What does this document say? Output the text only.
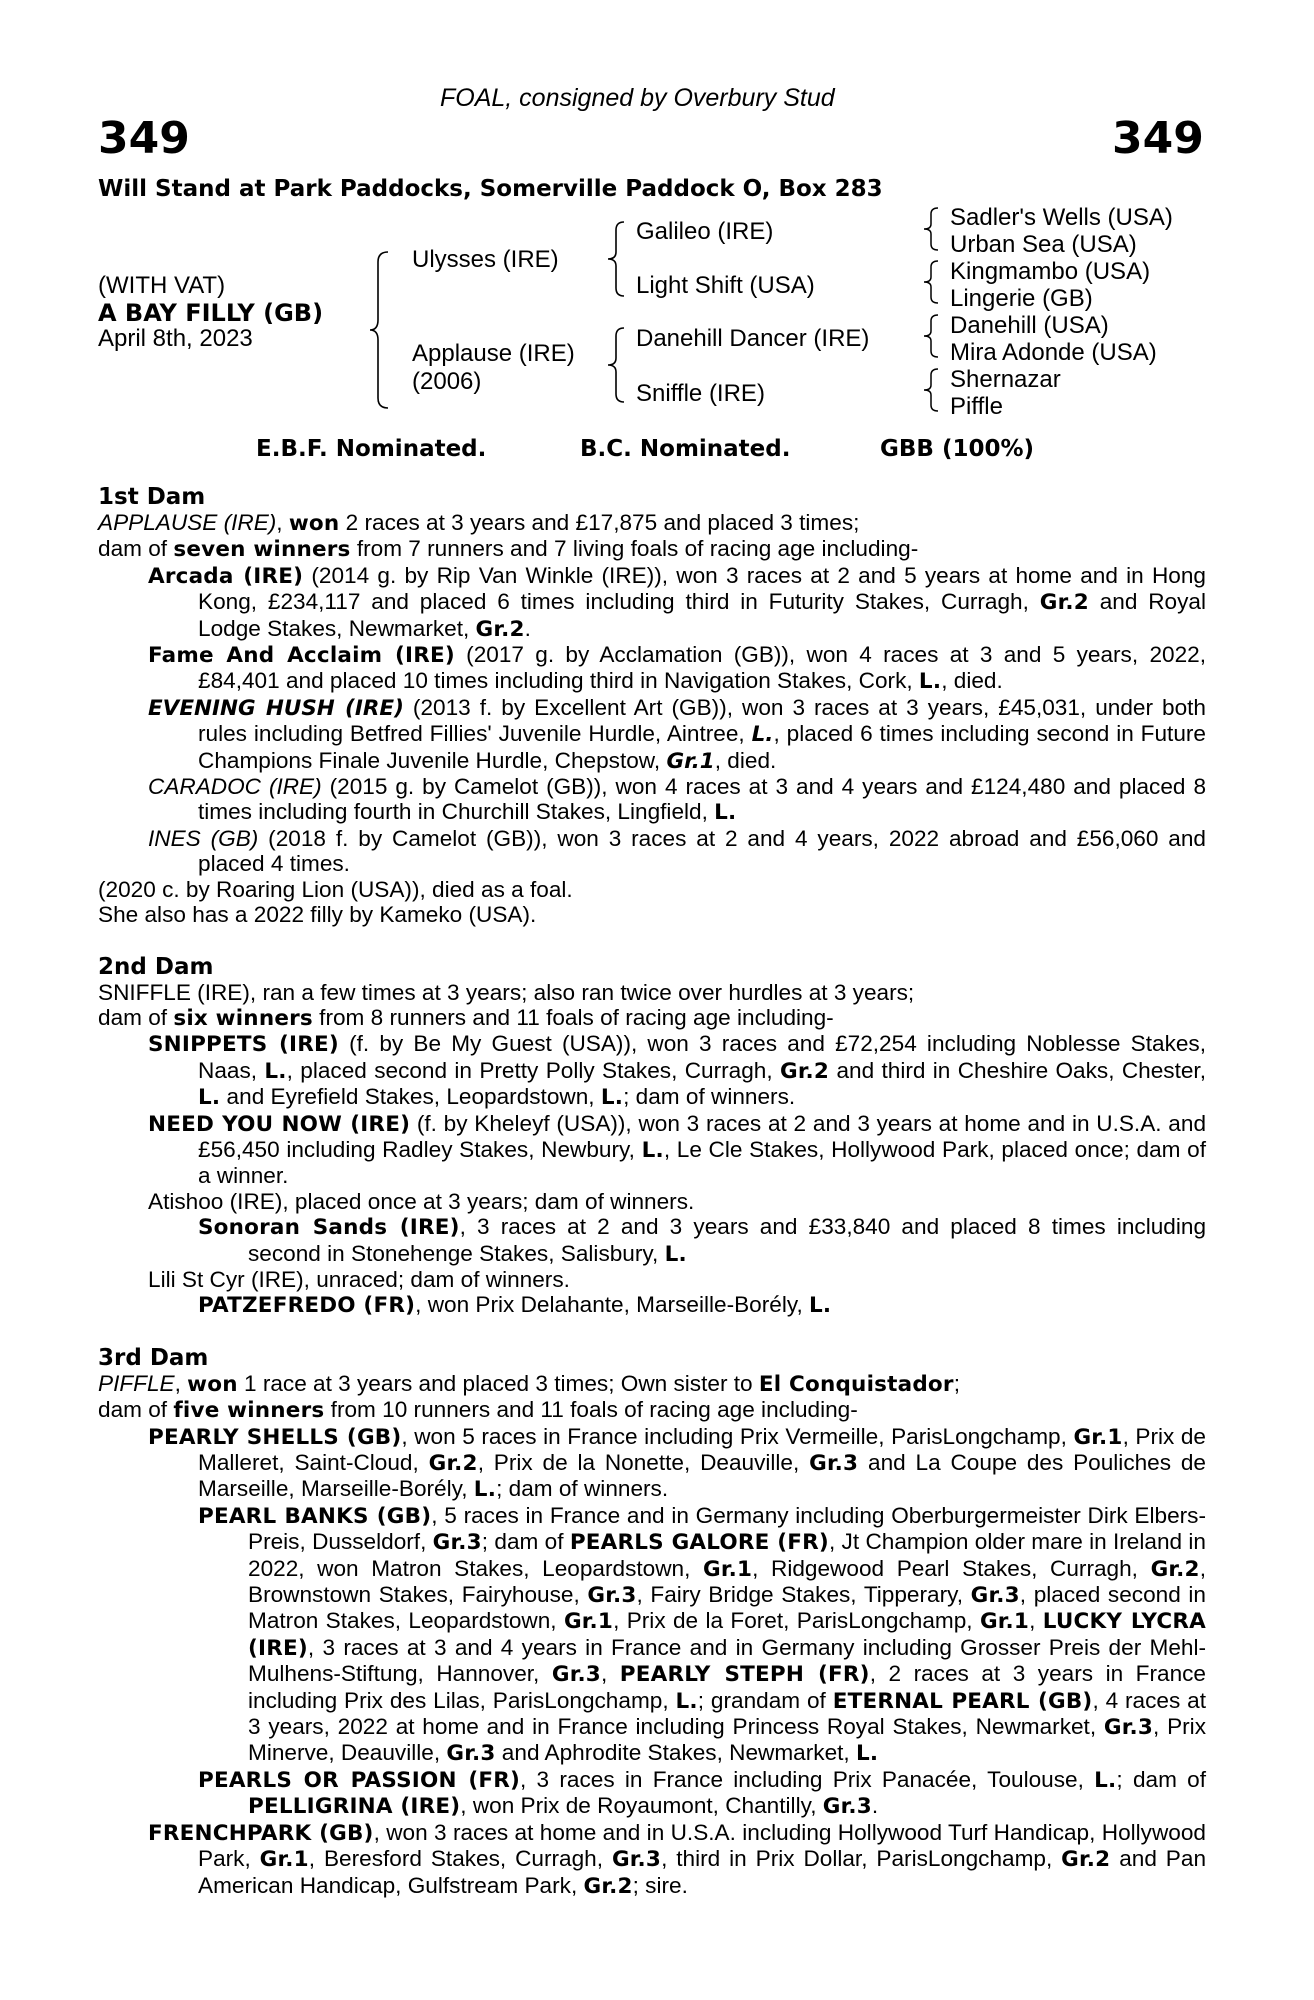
FOAL, consigned by Overbury Stud
349	349
Will Stand at Park Paddocks, Somerville Paddock O, Box 283
(WITH VAT)
A BAY FILLY (GB)
April 8th, 2023
Ulysses (IRE)
Applause (IRE)
(2006)
Galileo (IRE)
Light Shift (USA)
Danehill Dancer (IRE)
Sniffle (IRE)
Sadler's Wells (USA)
Urban Sea (USA)
Kingmambo (USA)
Lingerie (GB)
Danehill (USA)
Mira Adonde (USA)
Shernazar
Piffle
E.B.F. Nominated.	B.C. Nominated.	GBB (100%)
1st Dam

APPLAUSE (IRE), won 2 races at 3 years and £17,875 and placed 3 times;

dam of seven winners from 7 runners and 7 living foals of racing age including-

Arcada (IRE) (2014 g. by Rip Van Winkle (IRE)), won 3 races at 2 and 5 years at home and in Hong Kong, £234,117 and placed 6 times including third in Futurity Stakes, Curragh, Gr.2 and Royal Lodge Stakes, Newmarket, Gr.2.

Fame And Acclaim (IRE) (2017 g. by Acclamation (GB)), won 4 races at 3 and 5 years, 2022, £84,401 and placed 10 times including third in Navigation Stakes, Cork, L., died.

EVENING HUSH (IRE) (2013 f. by Excellent Art (GB)), won 3 races at 3 years, £45,031, under both rules including Betfred Fillies' Juvenile Hurdle, Aintree, L., placed 6 times including second in Future Champions Finale Juvenile Hurdle, Chepstow, Gr.1, died.

CARADOC (IRE) (2015 g. by Camelot (GB)), won 4 races at 3 and 4 years and £124,480 and placed 8 times including fourth in Churchill Stakes, Lingfield, L.

INES (GB) (2018 f. by Camelot (GB)), won 3 races at 2 and 4 years, 2022 abroad and £56,060 and placed 4 times.

(2020 c. by Roaring Lion (USA)), died as a foal.

She also has a 2022 filly by Kameko (USA).

2nd Dam

SNIFFLE (IRE), ran a few times at 3 years; also ran twice over hurdles at 3 years;

dam of six winners from 8 runners and 11 foals of racing age including-

SNIPPETS (IRE) (f. by Be My Guest (USA)), won 3 races and £72,254 including Noblesse Stakes, Naas, L., placed second in Pretty Polly Stakes, Curragh, Gr.2 and third in Cheshire Oaks, Chester, L. and Eyrefield Stakes, Leopardstown, L.; dam of winners.

NEED YOU NOW (IRE) (f. by Kheleyf (USA)), won 3 races at 2 and 3 years at home and in U.S.A. and £56,450 including Radley Stakes, Newbury, L., Le Cle Stakes, Hollywood Park, placed once; dam of a winner.

Atishoo (IRE), placed once at 3 years; dam of winners.

Sonoran Sands (IRE), 3 races at 2 and 3 years and £33,840 and placed 8 times including second in Stonehenge Stakes, Salisbury, L.

Lili St Cyr (IRE), unraced; dam of winners.

PATZEFREDO (FR), won Prix Delahante, Marseille-Borély, L.

3rd Dam

PIFFLE, won 1 race at 3 years and placed 3 times; Own sister to El Conquistador;

dam of five winners from 10 runners and 11 foals of racing age including-

PEARLY SHELLS (GB), won 5 races in France including Prix Vermeille, ParisLongchamp, Gr.1, Prix de Malleret, Saint-Cloud, Gr.2, Prix de la Nonette, Deauville, Gr.3 and La Coupe des Pouliches de Marseille, Marseille-Borély, L.; dam of winners.

PEARL BANKS (GB), 5 races in France and in Germany including Oberburgermeister Dirk Elbers-Preis, Dusseldorf, Gr.3; dam of PEARLS GALORE (FR), Jt Champion older mare in Ireland in 2022, won Matron Stakes, Leopardstown, Gr.1, Ridgewood Pearl Stakes, Curragh, Gr.2, Brownstown Stakes, Fairyhouse, Gr.3, Fairy Bridge Stakes, Tipperary, Gr.3, placed second in Matron Stakes, Leopardstown, Gr.1, Prix de la Foret, ParisLongchamp, Gr.1, LUCKY LYCRA (IRE), 3 races at 3 and 4 years in France and in Germany including Grosser Preis der Mehl-Mulhens-Stiftung, Hannover, Gr.3, PEARLY STEPH (FR), 2 races at 3 years in France including Prix des Lilas, ParisLongchamp, L.; grandam of ETERNAL PEARL (GB), 4 races at 3 years, 2022 at home and in France including Princess Royal Stakes, Newmarket, Gr.3, Prix Minerve, Deauville, Gr.3 and Aphrodite Stakes, Newmarket, L.

PEARLS OR PASSION (FR), 3 races in France including Prix Panacée, Toulouse, L.; dam of PELLIGRINA (IRE), won Prix de Royaumont, Chantilly, Gr.3.

FRENCHPARK (GB), won 3 races at home and in U.S.A. including Hollywood Turf Handicap, Hollywood Park, Gr.1, Beresford Stakes, Curragh, Gr.3, third in Prix Dollar, ParisLongchamp, Gr.2 and Pan American Handicap, Gulfstream Park, Gr.2; sire.
